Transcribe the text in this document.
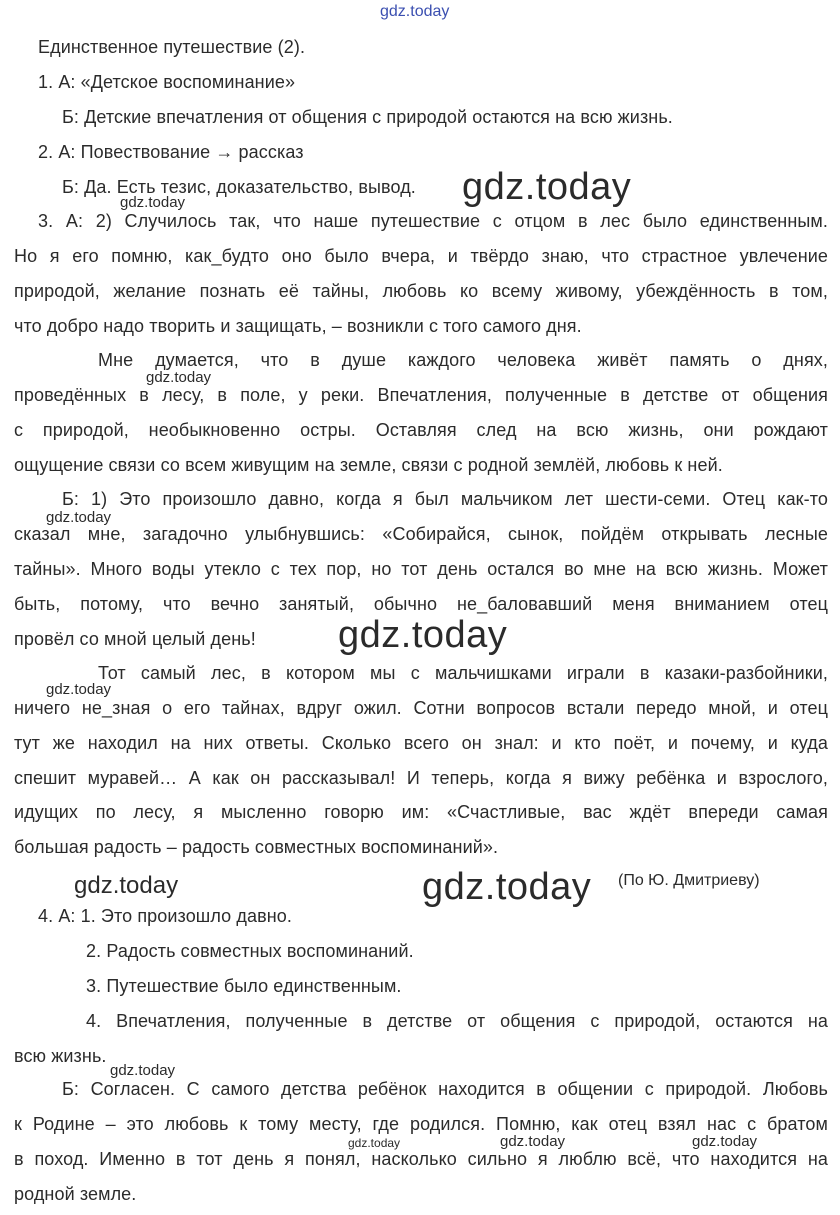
gdz.today
gdz.today
gdz.today
gdz.today
gdz.today
gdz.today
gdz.today
gdz.today	gdz.today
gdz.today
gdz.today	gdz.today	gdz.today
Единственное путешествие (2).
1. А: «Детское воспоминание»
Б: Детские впечатления от общения с природой остаются на всю жизнь.
2. А: Повествование → рассказ
Б: Да. Есть тезис, доказательство, вывод.
3. А: 2) Случилось так, что наше путешествие с отцом в лес было единственным.
Но я его помню, как_будто оно было вчера, и твёрдо знаю, что страстное увлечение
природой, желание познать её тайны, любовь ко всему живому, убеждённость в том,
что добро надо творить и защищать, – возникли с того самого дня.
Мне думается, что в душе каждого человека живёт память о днях,
проведённых в лесу, в поле, у реки. Впечатления, полученные в детстве от общения
с природой, необыкновенно остры. Оставляя след на всю жизнь, они рождают
ощущение связи со всем живущим на земле, связи с родной землёй, любовь к ней.
Б: 1) Это произошло давно, когда я был мальчиком лет шести-семи. Отец как-то
сказал мне, загадочно улыбнувшись: «Собирайся, сынок, пойдём открывать лесные
тайны». Много воды утекло с тех пор, но тот день остался во мне на всю жизнь. Может
быть, потому, что вечно занятый, обычно не_баловавший меня вниманием отец
провёл со мной целый день!
Тот самый лес, в котором мы с мальчишками играли в казаки-разбойники,
ничего не_зная о его тайнах, вдруг ожил. Сотни вопросов встали передо мной, и отец
тут же находил на них ответы. Сколько всего он знал: и кто поёт, и почему, и куда
спешит муравей… А как он рассказывал! И теперь, когда я вижу ребёнка и взрослого,
идущих по лесу, я мысленно говорю им: «Счастливые, вас ждёт впереди самая
большая радость – радость совместных воспоминаний».
(По Ю. Дмитриеву)
4. А: 1. Это произошло давно.
2. Радость совместных воспоминаний.
3. Путешествие было единственным.
4. Впечатления, полученные в детстве от общения с природой, остаются на
всю жизнь.
Б: Согласен. С самого детства ребёнок находится в общении с природой. Любовь
к Родине – это любовь к тому месту, где родился. Помню, как отец взял нас с братом
в поход. Именно в тот день я понял, насколько сильно я люблю всё, что находится на
родной земле.
